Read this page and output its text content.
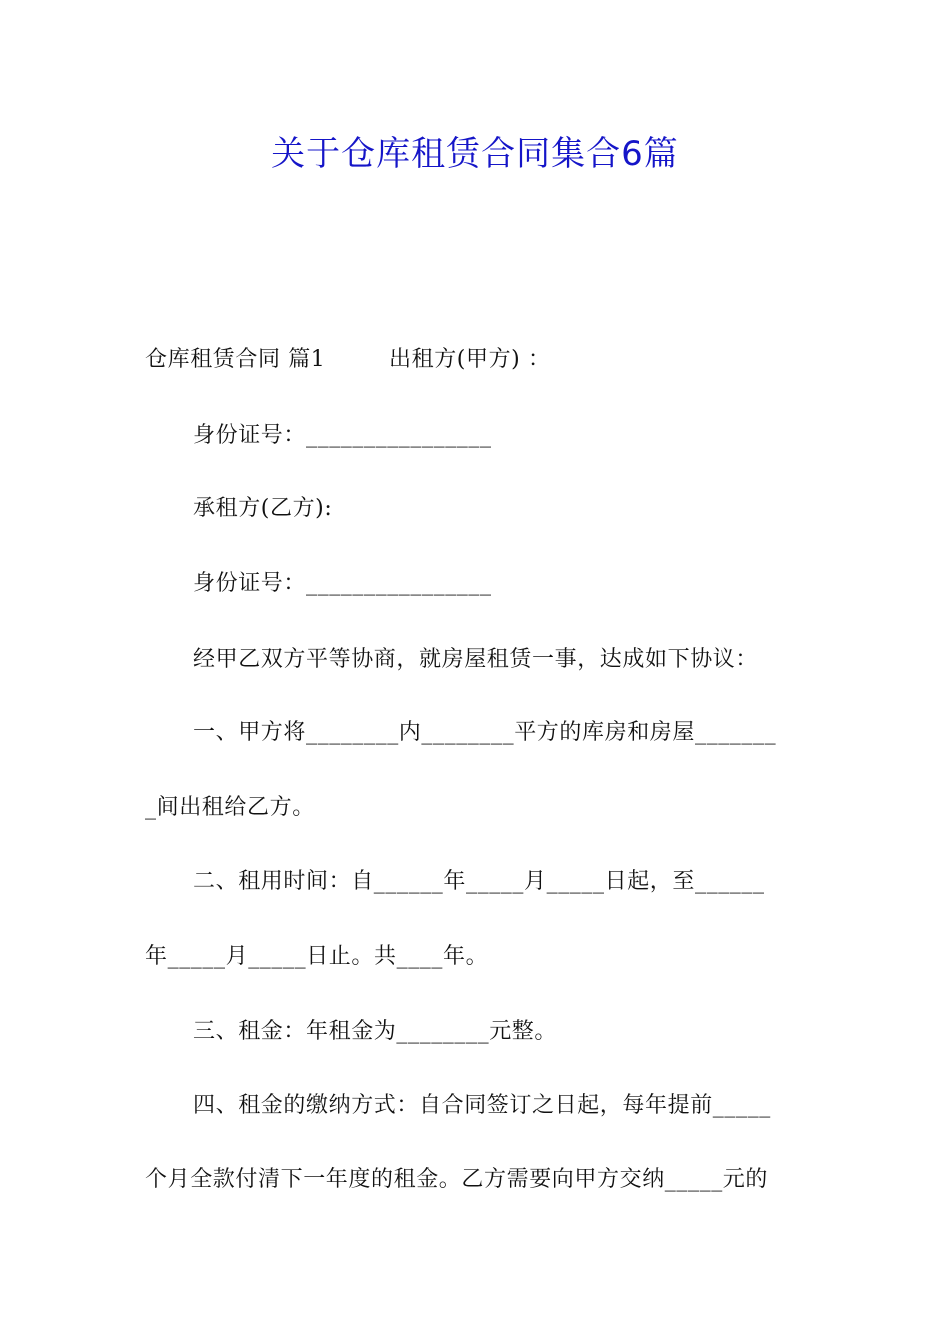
关于仓库租赁合同集合6篇
仓库租赁合同 篇1	出租方(甲方) ：
身份证号：________________
承租方(乙方):
身份证号：________________
经甲乙双方平等协商，就房屋租赁一事，达成如下协议：
一、甲方将________内________平方的库房和房屋_______
_间出租给乙方。
二、租用时间：自______年_____月_____日起，至______
年_____月_____日止。共____年。
三、租金：年租金为________元整。
四、租金的缴纳方式：自合同签订之日起，每年提前_____
个月全款付清下一年度的租金。乙方需要向甲方交纳_____元的
